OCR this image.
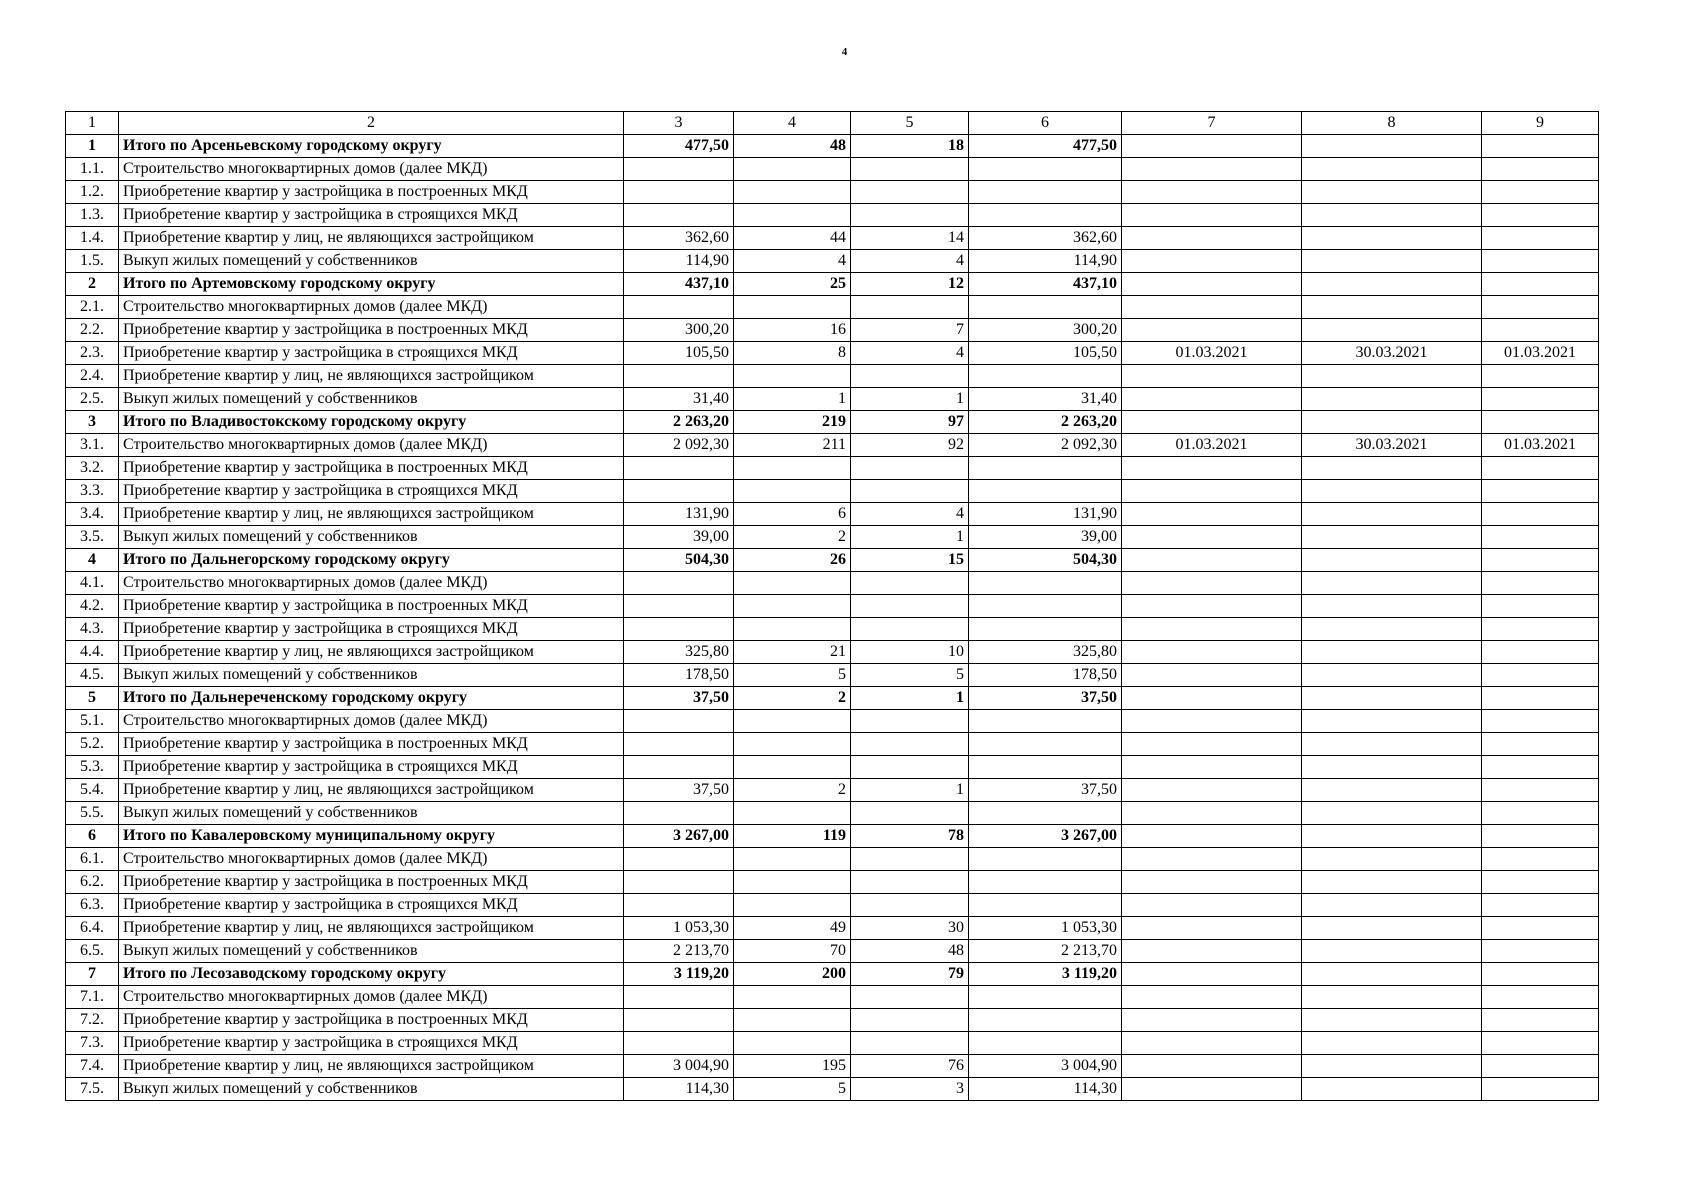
4
1	2	3	4	5	6	7	8	9
1	Итого по Арсеньевскому городскому округу	477,50	48	18	477,50			
1.1.	Строительство многоквартирных домов (далее МКД)							
1.2.	Приобретение квартир у застройщика в построенных МКД							
1.3.	Приобретение квартир у застройщика в строящихся МКД							
1.4.	Приобретение квартир у лиц, не являющихся застройщиком	362,60	44	14	362,60			
1.5.	Выкуп жилых помещений у собственников	114,90	4	4	114,90			
2	Итого по Артемовскому городскому округу	437,10	25	12	437,10			
2.1.	Строительство многоквартирных домов (далее МКД)							
2.2.	Приобретение квартир у застройщика в построенных МКД	300,20	16	7	300,20			
2.3.	Приобретение квартир у застройщика в строящихся МКД	105,50	8	4	105,50	01.03.2021	30.03.2021	01.03.2021
2.4.	Приобретение квартир у лиц, не являющихся застройщиком							
2.5.	Выкуп жилых помещений у собственников	31,40	1	1	31,40			
3	Итого по Владивостокскому городскому округу	2 263,20	219	97	2 263,20			
3.1.	Строительство многоквартирных домов (далее МКД)	2 092,30	211	92	2 092,30	01.03.2021	30.03.2021	01.03.2021
3.2.	Приобретение квартир у застройщика в построенных МКД							
3.3.	Приобретение квартир у застройщика в строящихся МКД							
3.4.	Приобретение квартир у лиц, не являющихся застройщиком	131,90	6	4	131,90			
3.5.	Выкуп жилых помещений у собственников	39,00	2	1	39,00			
4	Итого по Дальнегорскому городскому округу	504,30	26	15	504,30			
4.1.	Строительство многоквартирных домов (далее МКД)							
4.2.	Приобретение квартир у застройщика в построенных МКД							
4.3.	Приобретение квартир у застройщика в строящихся МКД							
4.4.	Приобретение квартир у лиц, не являющихся застройщиком	325,80	21	10	325,80			
4.5.	Выкуп жилых помещений у собственников	178,50	5	5	178,50			
5	Итого по Дальнереченскому городскому округу	37,50	2	1	37,50			
5.1.	Строительство многоквартирных домов (далее МКД)							
5.2.	Приобретение квартир у застройщика в построенных МКД							
5.3.	Приобретение квартир у застройщика в строящихся МКД							
5.4.	Приобретение квартир у лиц, не являющихся застройщиком	37,50	2	1	37,50			
5.5.	Выкуп жилых помещений у собственников							
6	Итого по Кавалеровскому муниципальному округу	3 267,00	119	78	3 267,00			
6.1.	Строительство многоквартирных домов (далее МКД)							
6.2.	Приобретение квартир у застройщика в построенных МКД							
6.3.	Приобретение квартир у застройщика в строящихся МКД							
6.4.	Приобретение квартир у лиц, не являющихся застройщиком	1 053,30	49	30	1 053,30			
6.5.	Выкуп жилых помещений у собственников	2 213,70	70	48	2 213,70			
7	Итого по Лесозаводскому городскому округу	3 119,20	200	79	3 119,20			
7.1.	Строительство многоквартирных домов (далее МКД)							
7.2.	Приобретение квартир у застройщика в построенных МКД							
7.3.	Приобретение квартир у застройщика в строящихся МКД							
7.4.	Приобретение квартир у лиц, не являющихся застройщиком	3 004,90	195	76	3 004,90			
7.5.	Выкуп жилых помещений у собственников	114,30	5	3	114,30			
